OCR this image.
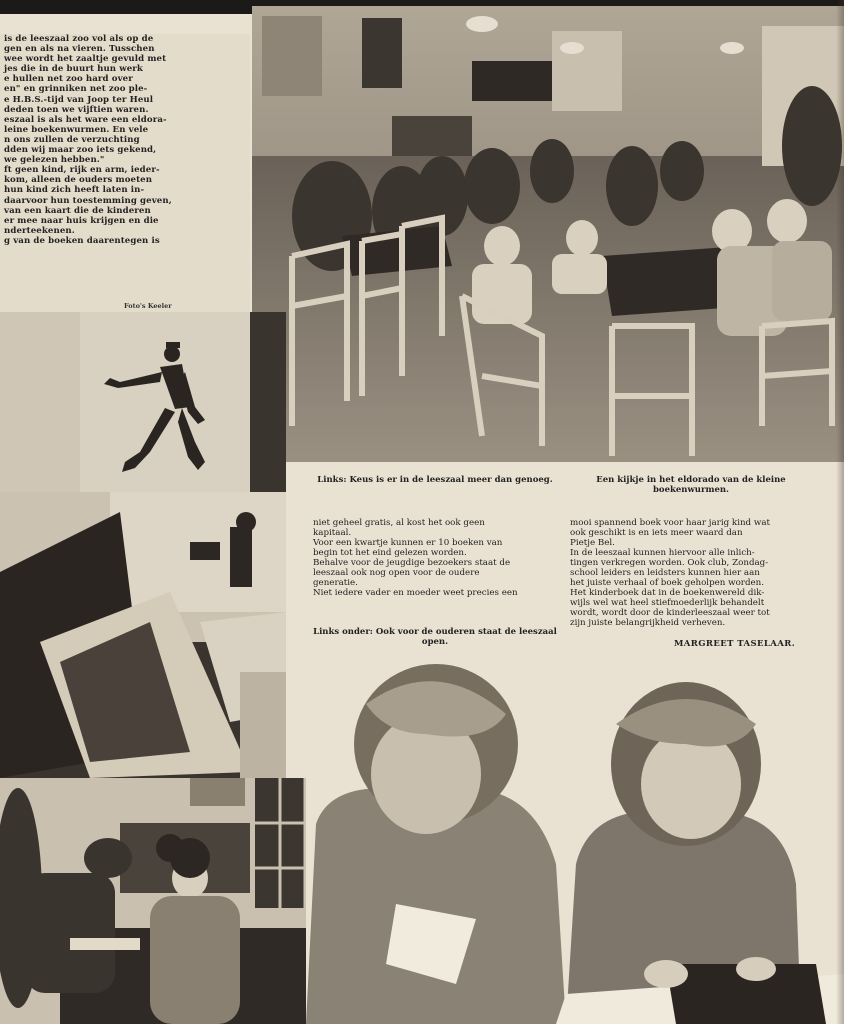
is de leeszaal zoo vol als op de

gen en als na vieren. Tusschen

wee wordt het zaaltje gevuld met

jes die in de buurt hun werk

e hullen net zoo hard over

en" en grinniken net zoo ple-

e H.B.S.-tijd van Joop ter Heul

deden toen we vijftien waren.

eszaal is als het ware een eldora-

leine boekenwurmen. En vele

n ons zullen de verzuchting

dden wij maar zoo iets gekend,

we gelezen hebben."

ft geen kind, rijk en arm, ieder-

kom, alleen de ouders moeten

hun kind zich heeft laten in-

daarvoor hun toestemming geven,

van een kaart die de kinderen

er mee naar huis krijgen en die

nderteekenen.

g van de boeken daarentegen is

Foto's Keeler
Links: Keus is er in de leeszaal meer dan genoeg.	Een kijkje in het eldorado van de kleine boekenwurmen.

niet geheel gratis, al kost het ook geen

kapitaal.

Voor een kwartje kunnen er 10 boeken van

begin tot het eind gelezen worden.

Behalve voor de jeugdige bezoekers staat de

leeszaal ook nog open voor de oudere

generatie.

Niet iedere vader en moeder weet precies een

Links onder: Ook voor de ouderen staat de leeszaal open.

mooi spannend boek voor haar jarig kind wat

ook geschikt is en iets meer waard dan

Pietje Bel.

In de leeszaal kunnen hiervoor alle inlich-

tingen verkregen worden. Ook club, Zondag-

school leiders en leidsters kunnen hier aan

het juiste verhaal of boek geholpen worden.

Het kinderboek dat in de boekenwereld dik-

wijls wel wat heel stiefmoederlijk behandelt

wordt, wordt door de kinderleeszaal weer tot

zijn juiste belangrijkheid verheven.

MARGREET TASELAAR.
